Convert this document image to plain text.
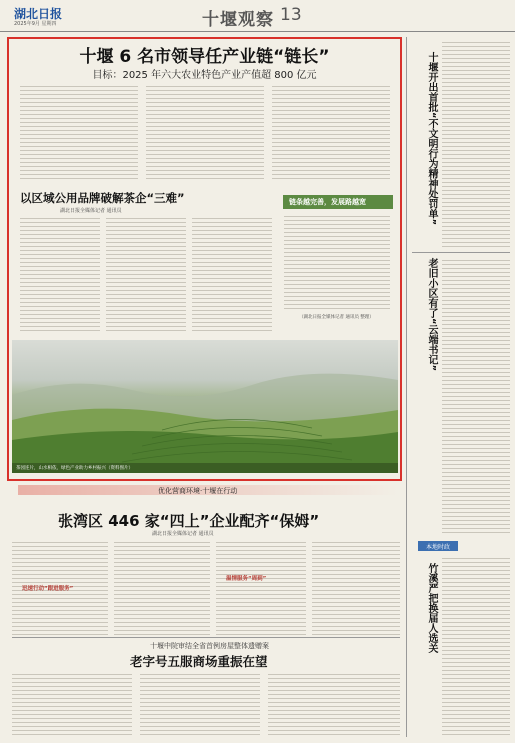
湖北日报
2025年9月 星期四	十堰观察 13
十堰 6 名市领导任产业链“链长”
目标：2025 年六大农业特色产业产值超 800 亿元
以区域公用品牌破解茶企“三难”
湖北日报全媒体记者 通讯员
链条越完善，发展路越宽
（湖北日报全媒体记者 通讯员 整理）
茶园连片，山水相依，绿色产业助力乡村振兴（资料图片）
优化营商环境·十堰在行动
张湾区 446 家“四上”企业配齐“保姆”
湖北日报全媒体记者 通讯员
迅速行动“跟进服务”
温情服务“周到”
十堰中院审结全省首例房屋整体遗赠案
老字号五服商场重振在望
十堰开出首批“不文明行为精神处罚单”
老旧小区有了“云端书记”
本地时政
竹溪严把换届人选关
